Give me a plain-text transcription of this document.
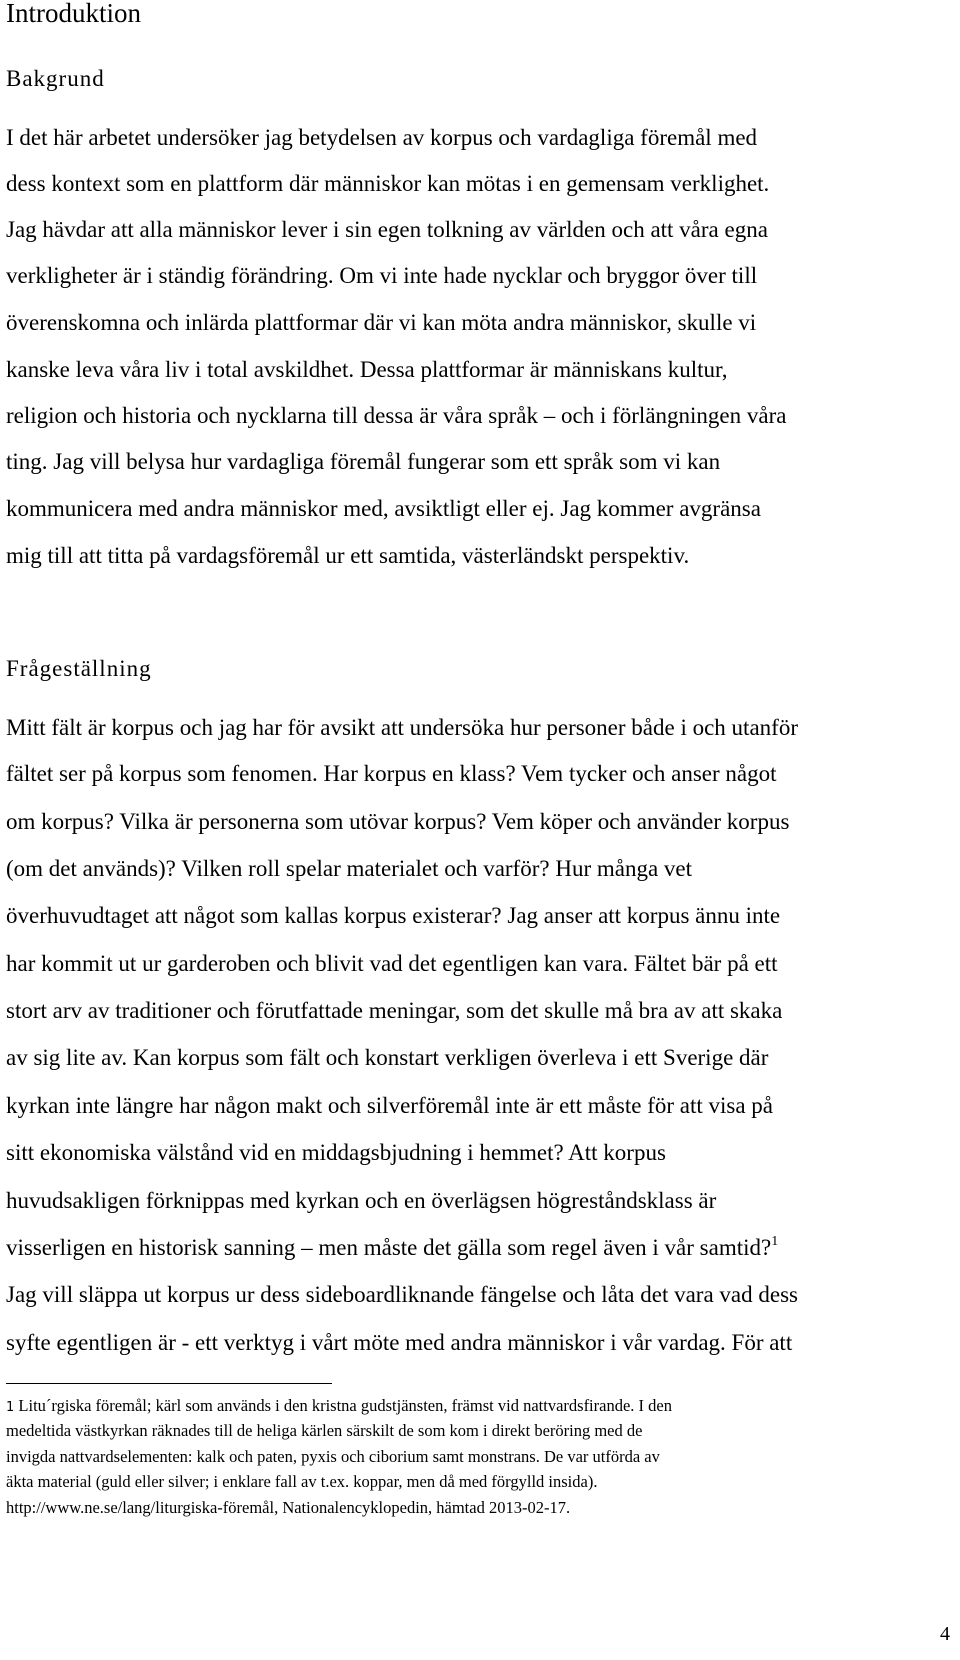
Introduktion
Bakgrund
I det här arbetet undersöker jag betydelsen av korpus och vardagliga föremål med
dess kontext som en plattform där människor kan mötas i en gemensam verklighet.
Jag hävdar att alla människor lever i sin egen tolkning av världen och att våra egna
verkligheter är i ständig förändring. Om vi inte hade nycklar och bryggor över till
överenskomna och inlärda plattformar där vi kan möta andra människor, skulle vi
kanske leva våra liv i total avskildhet. Dessa plattformar är människans kultur,
religion och historia och nycklarna till dessa är våra språk – och i förlängningen våra
ting. Jag vill belysa hur vardagliga föremål fungerar som ett språk som vi kan
kommunicera med andra människor med, avsiktligt eller ej. Jag kommer avgränsa
mig till att titta på vardagsföremål ur ett samtida, västerländskt perspektiv.
Frågeställning
Mitt fält är korpus och jag har för avsikt att undersöka hur personer både i och utanför
fältet ser på korpus som fenomen. Har korpus en klass? Vem tycker och anser något
om korpus? Vilka är personerna som utövar korpus? Vem köper och använder korpus
(om det används)? Vilken roll spelar materialet och varför? Hur många vet
överhuvudtaget att något som kallas korpus existerar? Jag anser att korpus ännu inte
har kommit ut ur garderoben och blivit vad det egentligen kan vara. Fältet bär på ett
stort arv av traditioner och förutfattade meningar, som det skulle må bra av att skaka
av sig lite av. Kan korpus som fält och konstart verkligen överleva i ett Sverige där
kyrkan inte längre har någon makt och silverföremål inte är ett måste för att visa på
sitt ekonomiska välstånd vid en middagsbjudning i hemmet? Att korpus
huvudsakligen förknippas med kyrkan och en överlägsen högreståndsklass är
visserligen en historisk sanning – men måste det gälla som regel även i vår samtid?$^1$
Jag vill släppa ut korpus ur dess sideboardliknande fängelse och låta det vara vad dess
syfte egentligen är - ett verktyg i vårt möte med andra människor i vår vardag. För att
1 Litu´rgiska föremål; kärl som används i den kristna gudstjänsten, främst vid nattvardsfirande. I den
medeltida västkyrkan räknades till de heliga kärlen särskilt de som kom i direkt beröring med de
invigda nattvardselementen: kalk och paten, pyxis och ciborium samt monstrans. De var utförda av
äkta material (guld eller silver; i enklare fall av t.ex. koppar, men då med förgylld insida).
http://www.ne.se/lang/liturgiska-föremål, Nationalencyklopedin, hämtad 2013-02-17.
4
